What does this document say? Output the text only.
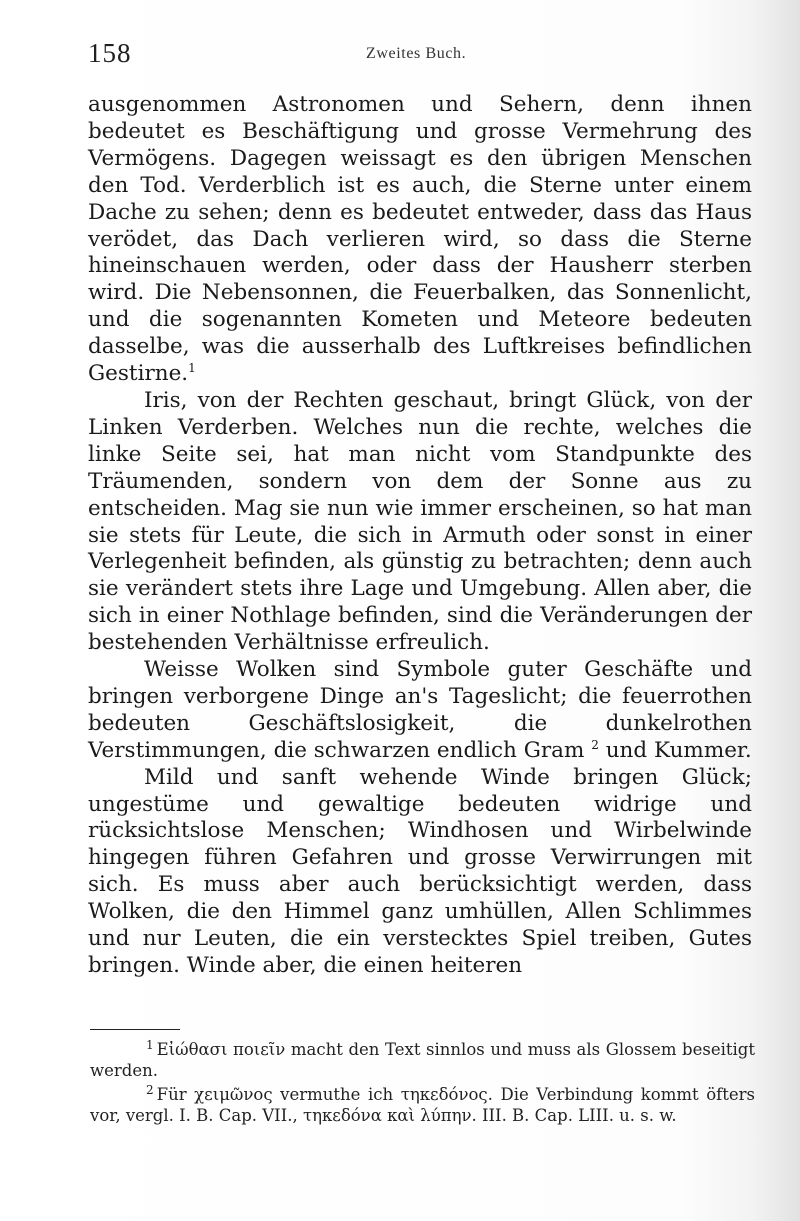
158	Zweites Buch.

ausgenommen Astronomen und Sehern, denn ihnen bedeutet es Beschäftigung und grosse Vermehrung des Vermögens. Dagegen weissagt es den übrigen Menschen den Tod. Verderblich ist es auch, die Sterne unter einem Dache zu sehen; denn es bedeutet entweder, dass das Haus verödet, das Dach verlieren wird, so dass die Sterne hineinschauen werden, oder dass der Hausherr sterben wird. Die Nebensonnen, die Feuerbalken, das Sonnenlicht, und die sogenannten Kometen und Meteore bedeuten dasselbe, was die ausserhalb des Luftkreises befindlichen Gestirne.$^1$

Iris, von der Rechten geschaut, bringt Glück, von der Linken Verderben. Welches nun die rechte, welches die linke Seite sei, hat man nicht vom Standpunkte des Träumenden, sondern von dem der Sonne aus zu entscheiden. Mag sie nun wie immer erscheinen, so hat man sie stets für Leute, die sich in Armuth oder sonst in einer Verlegenheit befinden, als günstig zu betrachten; denn auch sie verändert stets ihre Lage und Umgebung. Allen aber, die sich in einer Nothlage befinden, sind die Veränderungen der bestehenden Verhältnisse erfreulich.

Weisse Wolken sind Symbole guter Geschäfte und bringen verborgene Dinge an's Tageslicht; die feuerrothen bedeuten Geschäftslosigkeit, die dunkelrothen Verstimmungen, die schwarzen endlich Gram $^2$ und Kummer.

Mild und sanft wehende Winde bringen Glück; ungestüme und gewaltige bedeuten widrige und rücksichtslose Menschen; Windhosen und Wirbelwinde hingegen führen Gefahren und grosse Verwirrungen mit sich. Es muss aber auch berücksichtigt werden, dass Wolken, die den Himmel ganz umhüllen, Allen Schlimmes und nur Leuten, die ein verstecktes Spiel treiben, Gutes bringen. Winde aber, die einen heiteren

$^1$ Εἰώθασι ποιεῖν macht den Text sinnlos und muss als Glossem beseitigt werden.

$^2$ Für χειμῶνος vermuthe ich τηκεδόνος. Die Verbindung kommt öfters vor, vergl. I. B. Cap. VII., τηκεδόνα καὶ λύπην. III. B. Cap. LIII. u. s. w.
